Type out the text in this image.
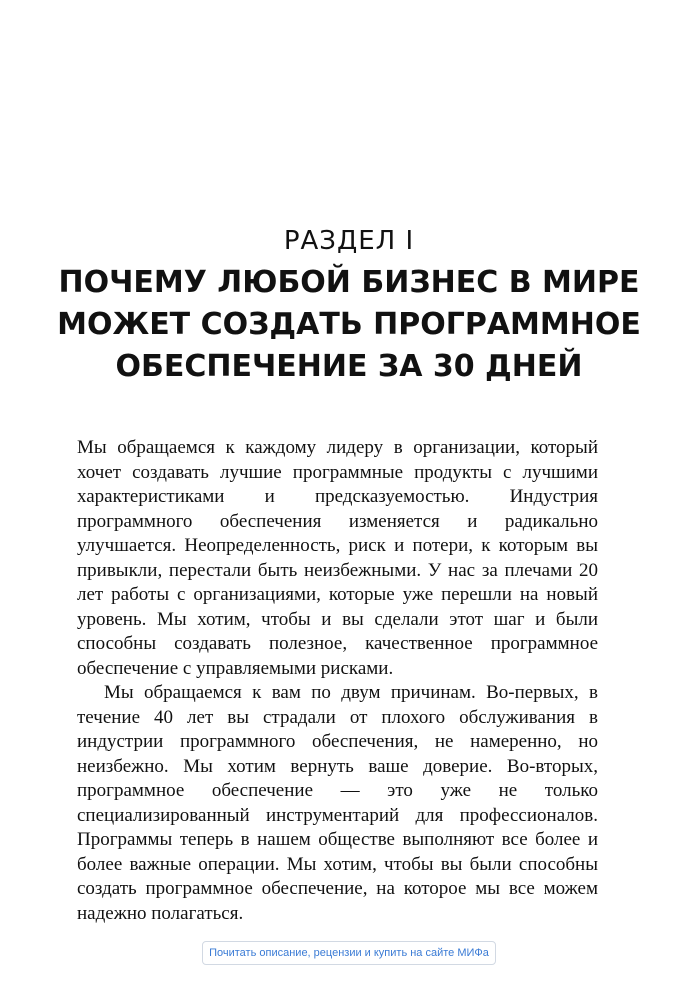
РАЗДЕЛ I
ПОЧЕМУ ЛЮБОЙ БИЗНЕС В МИРЕ
МОЖЕТ СОЗДАТЬ ПРОГРАММНОЕ
ОБЕСПЕЧЕНИЕ ЗА 30 ДНЕЙ

Мы обращаемся к каждому лидеру в организации, который хочет создавать лучшие программные продукты с лучшими характеристиками и предсказуемостью. Индустрия программного обеспечения изменяется и радикально улучшается. Неопределенность, риск и потери, к которым вы привыкли, перестали быть неизбежными. У нас за плечами 20 лет работы с организациями, которые уже перешли на новый уровень. Мы хотим, чтобы и вы сделали этот шаг и были способны создавать полезное, качественное программное обеспечение с управляемыми рисками.

Мы обращаемся к вам по двум причинам. Во-первых, в течение 40 лет вы страдали от плохого обслуживания в индустрии программного обеспечения, не намеренно, но неизбежно. Мы хотим вернуть ваше доверие. Во-вторых, программное обеспечение — это уже не только специализированный инструментарий для профессионалов. Программы теперь в нашем обществе выполняют все более и более важные операции. Мы хотим, чтобы вы были способны создать программное обеспечение, на которое мы все можем надежно полагаться.

Почитать описание, рецензии и купить на сайте МИФа
